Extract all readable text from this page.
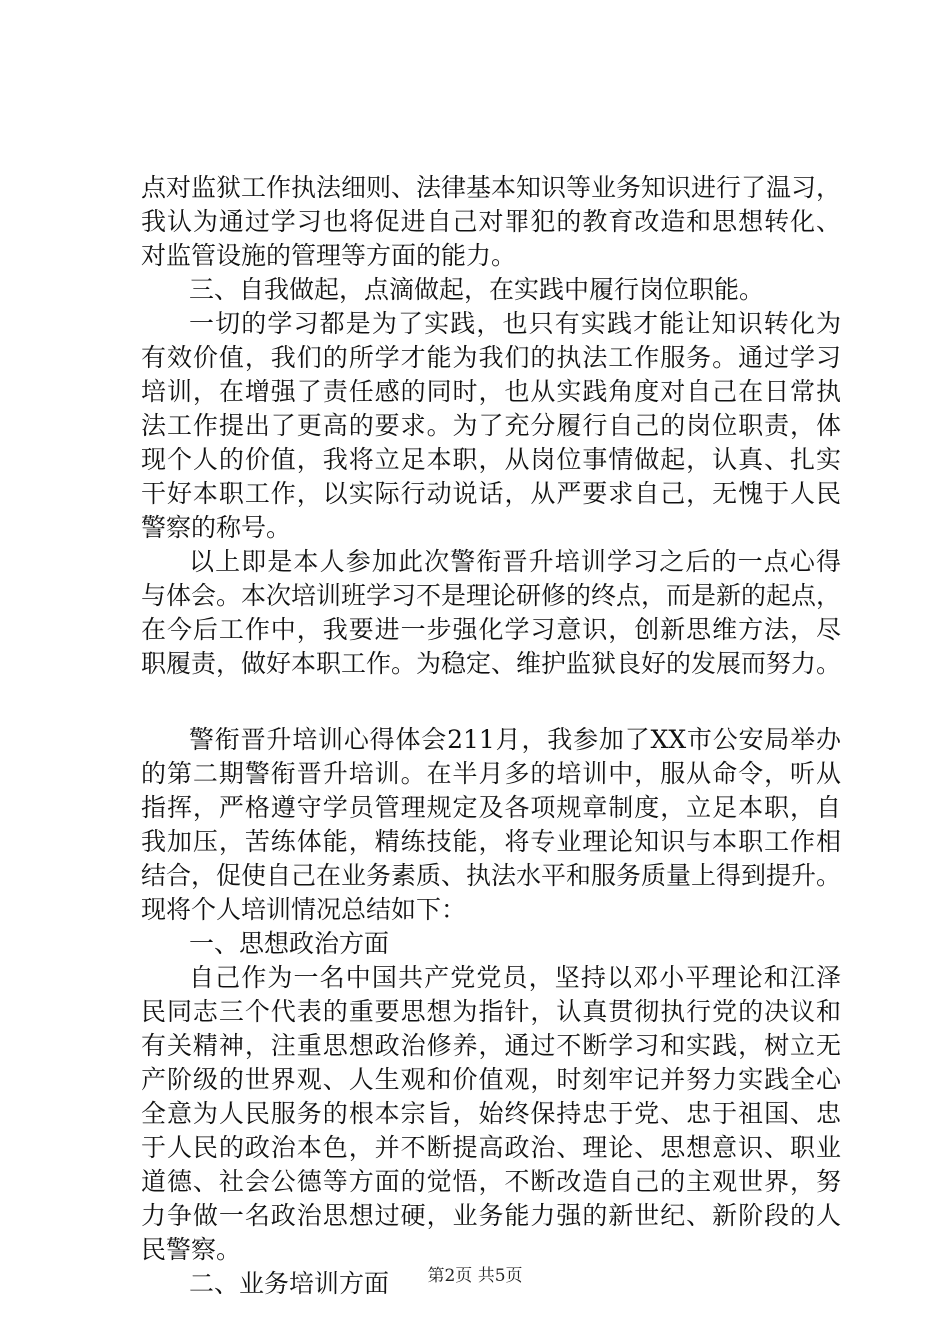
点对监狱工作执法细则、法律基本知识等业务知识进行了温习，
我认为通过学习也将促进自己对罪犯的教育改造和思想转化、
对监管设施的管理等方面的能力。
三、自我做起，点滴做起，在实践中履行岗位职能。
一切的学习都是为了实践，也只有实践才能让知识转化为
有效价值，我们的所学才能为我们的执法工作服务。通过学习
培训，在增强了责任感的同时，也从实践角度对自己在日常执
法工作提出了更高的要求。为了充分履行自己的岗位职责，体
现个人的价值，我将立足本职，从岗位事情做起，认真、扎实
干好本职工作，以实际行动说话，从严要求自己，无愧于人民
警察的称号。
以上即是本人参加此次警衔晋升培训学习之后的一点心得
与体会。本次培训班学习不是理论研修的终点，而是新的起点，
在今后工作中，我要进一步强化学习意识，创新思维方法，尽
职履责，做好本职工作。为稳定、维护监狱良好的发展而努力。
警衔晋升培训心得体会211月，我参加了XX市公安局举办
的第二期警衔晋升培训。在半月多的培训中，服从命令，听从
指挥，严格遵守学员管理规定及各项规章制度，立足本职，自
我加压，苦练体能，精练技能，将专业理论知识与本职工作相
结合，促使自己在业务素质、执法水平和服务质量上得到提升。
现将个人培训情况总结如下：
一、思想政治方面
自己作为一名中国共产党党员，坚持以邓小平理论和江泽
民同志三个代表的重要思想为指针，认真贯彻执行党的决议和
有关精神，注重思想政治修养，通过不断学习和实践，树立无
产阶级的世界观、人生观和价值观，时刻牢记并努力实践全心
全意为人民服务的根本宗旨，始终保持忠于党、忠于祖国、忠
于人民的政治本色，并不断提高政治、理论、思想意识、职业
道德、社会公德等方面的觉悟，不断改造自己的主观世界，努
力争做一名政治思想过硬，业务能力强的新世纪、新阶段的人
民警察。
二、业务培训方面	第2页 共5页
